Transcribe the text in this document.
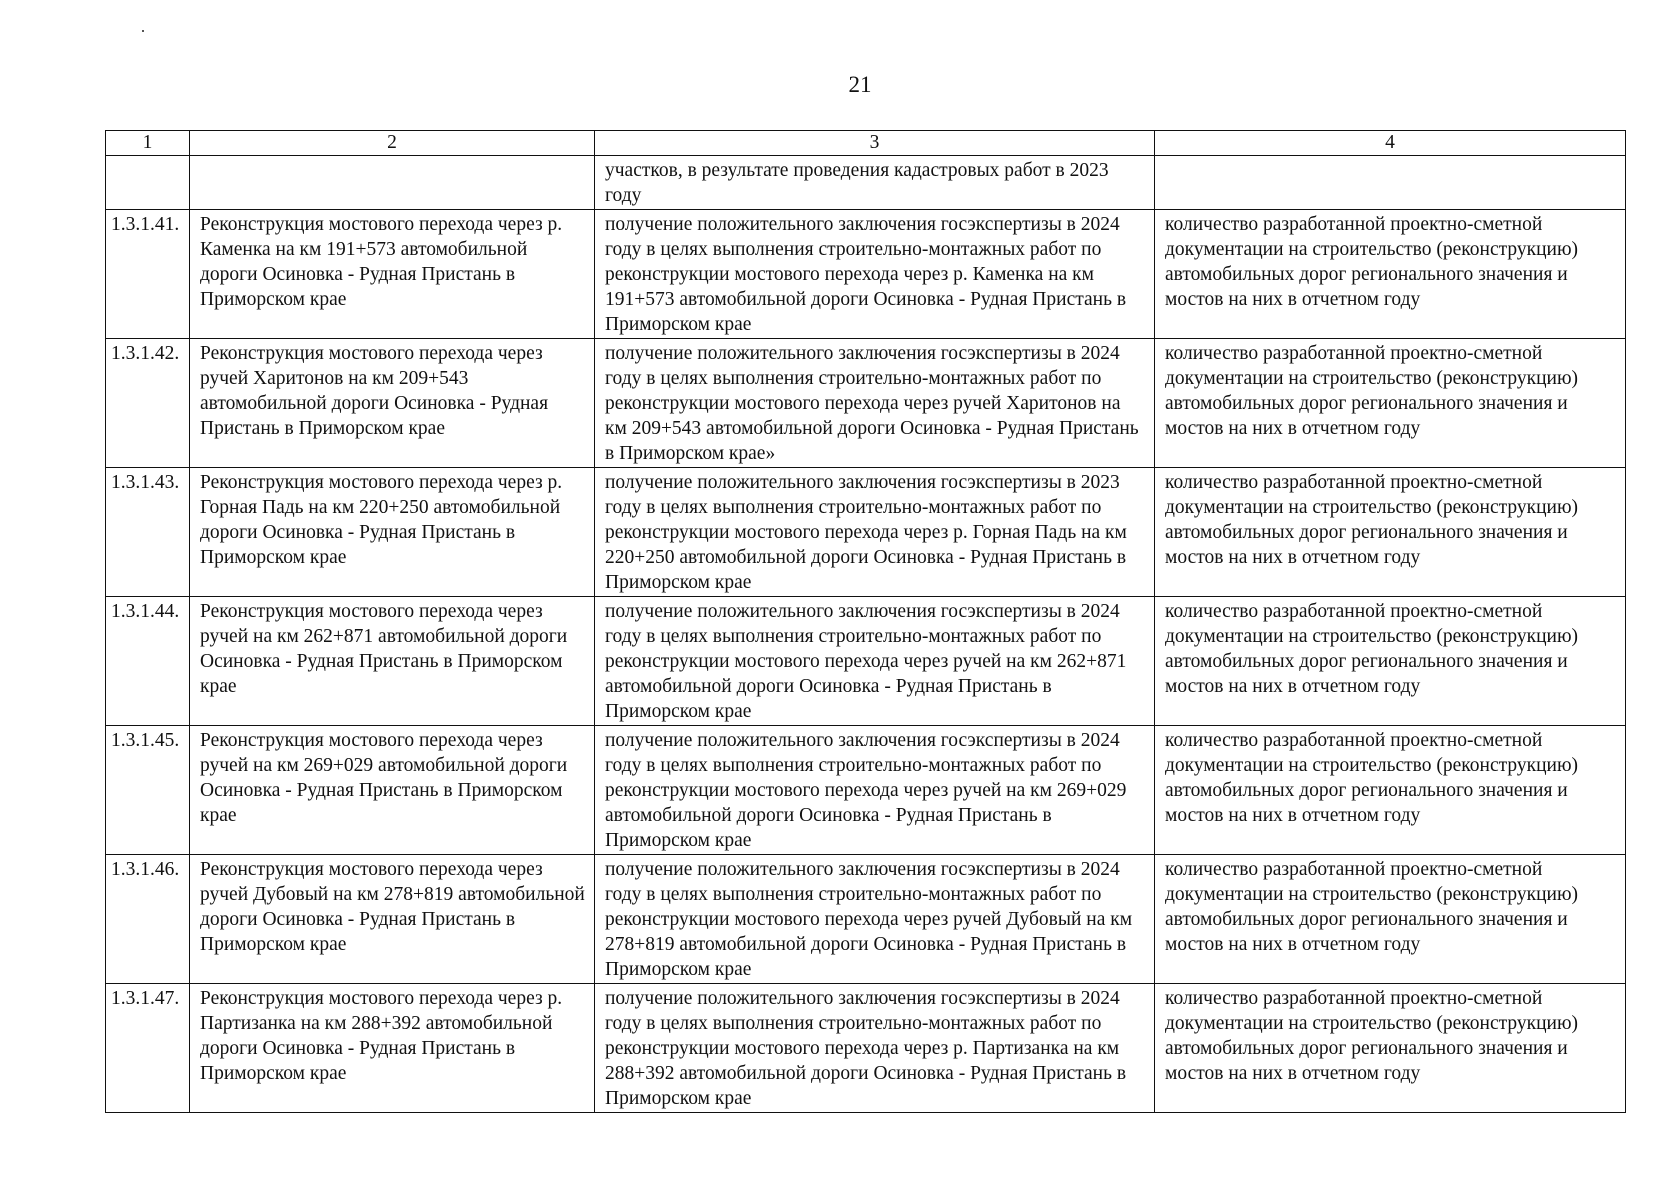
21
1	2	3	4
		участков, в результате проведения кадастровых работ в 2023 году	
1.3.1.41.	Реконструкция мостового перехода через р. Каменка на км 191+573 автомобильной дороги Осиновка - Рудная Пристань в Приморском крае	получение положительного заключения госэкспертизы в 2024 году в целях выполнения строительно-монтажных работ по реконструкции мостового перехода через р. Каменка на км 191+573 автомобильной дороги Осиновка - Рудная Пристань в Приморском крае	количество разработанной проектно-сметной документации на строительство (реконструкцию) автомобильных дорог регионального значения и мостов на них в отчетном году
1.3.1.42.	Реконструкция мостового перехода через ручей Харитонов на км 209+543 автомобильной дороги Осиновка - Рудная Пристань в Приморском крае	получение положительного заключения госэкспертизы в 2024 году в целях выполнения строительно-монтажных работ по реконструкции мостового перехода через ручей Харитонов на км 209+543 автомобильной дороги Осиновка - Рудная Пристань в Приморском крае»	количество разработанной проектно-сметной документации на строительство (реконструкцию) автомобильных дорог регионального значения и мостов на них в отчетном году
1.3.1.43.	Реконструкция мостового перехода через р. Горная Падь на км 220+250 автомобильной дороги Осиновка - Рудная Пристань в Приморском крае	получение положительного заключения госэкспертизы в 2023 году в целях выполнения строительно-монтажных работ по реконструкции мостового перехода через р. Горная Падь на км 220+250 автомобильной дороги Осиновка - Рудная Пристань в Приморском крае	количество разработанной проектно-сметной документации на строительство (реконструкцию) автомобильных дорог регионального значения и мостов на них в отчетном году
1.3.1.44.	Реконструкция мостового перехода через ручей на км 262+871 автомобильной дороги Осиновка - Рудная Пристань в Приморском крае	получение положительного заключения госэкспертизы в 2024 году в целях выполнения строительно-монтажных работ по реконструкции мостового перехода через ручей на км 262+871 автомобильной дороги Осиновка - Рудная Пристань в Приморском крае	количество разработанной проектно-сметной документации на строительство (реконструкцию) автомобильных дорог регионального значения и мостов на них в отчетном году
1.3.1.45.	Реконструкция мостового перехода через ручей на км 269+029 автомобильной дороги Осиновка - Рудная Пристань в Приморском крае	получение положительного заключения госэкспертизы в 2024 году в целях выполнения строительно-монтажных работ по реконструкции мостового перехода через ручей на км 269+029 автомобильной дороги Осиновка - Рудная Пристань в Приморском крае	количество разработанной проектно-сметной документации на строительство (реконструкцию) автомобильных дорог регионального значения и мостов на них в отчетном году
1.3.1.46.	Реконструкция мостового перехода через ручей Дубовый на км 278+819 автомобильной дороги Осиновка - Рудная Пристань в Приморском крае	получение положительного заключения госэкспертизы в 2024 году в целях выполнения строительно-монтажных работ по реконструкции мостового перехода через ручей Дубовый на км 278+819 автомобильной дороги Осиновка - Рудная Пристань в Приморском крае	количество разработанной проектно-сметной документации на строительство (реконструкцию) автомобильных дорог регионального значения и мостов на них в отчетном году
1.3.1.47.	Реконструкция мостового перехода через р. Партизанка на км 288+392 автомобильной дороги Осиновка - Рудная Пристань в Приморском крае	получение положительного заключения госэкспертизы в 2024 году в целях выполнения строительно-монтажных работ по реконструкции мостового перехода через р. Партизанка на км 288+392 автомобильной дороги Осиновка - Рудная Пристань в Приморском крае	количество разработанной проектно-сметной документации на строительство (реконструкцию) автомобильных дорог регионального значения и мостов на них в отчетном году
